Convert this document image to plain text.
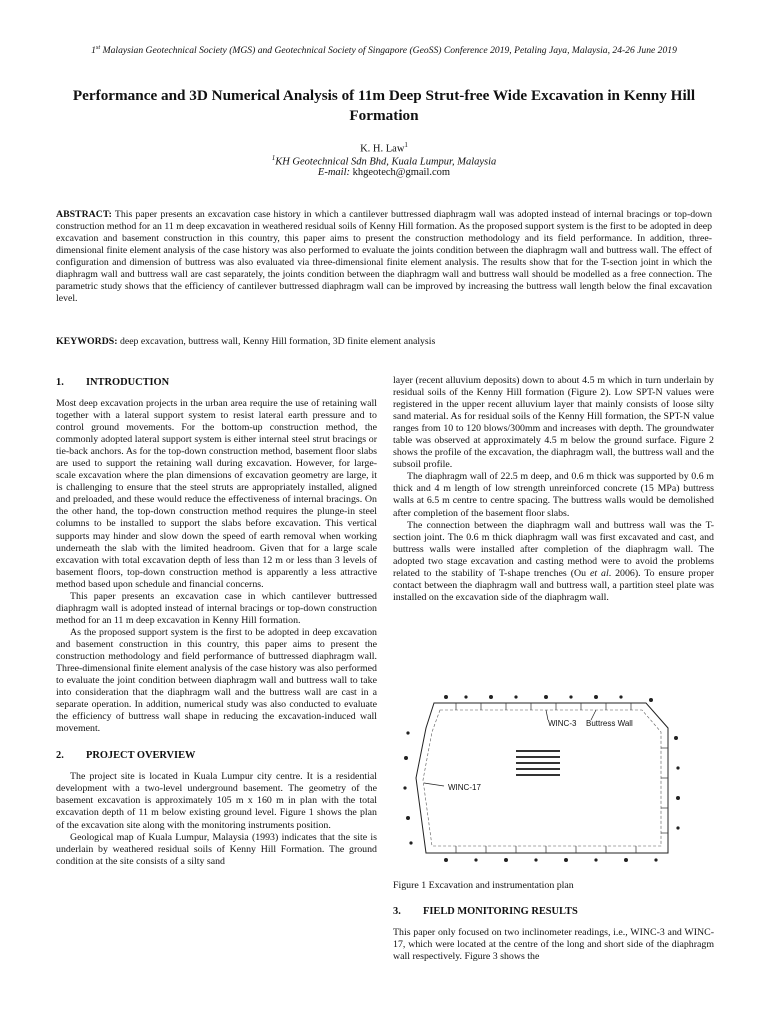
1st Malaysian Geotechnical Society (MGS) and Geotechnical Society of Singapore (GeoSS) Conference 2019, Petaling Jaya, Malaysia, 24-26 June 2019
Performance and 3D Numerical Analysis of 11m Deep Strut-free Wide Excavation in Kenny Hill Formation
K. H. Law$^1$
$^1$KH Geotechnical Sdn Bhd, Kuala Lumpur, Malaysia
E-mail: khgeotech@gmail.com
ABSTRACT: This paper presents an excavation case history in which a cantilever buttressed diaphragm wall was adopted instead of internal bracings or top-down construction method for an 11 m deep excavation in weathered residual soils of Kenny Hill formation. As the proposed support system is the first to be adopted in deep excavation and basement construction in this country, this paper aims to present the construction methodology and its field performance. In addition, three-dimensional finite element analysis of the case history was also performed to evaluate the joints condition between the diaphragm wall and buttress wall. The effect of configuration and dimension of buttress was also evaluated via three-dimensional finite element analysis. The results show that for the T-section joint in which the diaphragm wall and buttress wall are cast separately, the joints condition between the diaphragm wall and buttress wall should be modelled as a free connection. The parametric study shows that the efficiency of cantilever buttressed diaphragm wall can be improved by increasing the buttress wall length below the final excavation level.
KEYWORDS: deep excavation, buttress wall, Kenny Hill formation, 3D finite element analysis
1. INTRODUCTION

Most deep excavation projects in the urban area require the use of retaining wall together with a lateral support system to resist lateral earth pressure and to control ground movements. For the bottom-up construction method, the commonly adopted lateral support system is either internal steel strut bracings or tie-back anchors. As for the top-down construction method, basement floor slabs are used to support the retaining wall during excavation. However, for large-scale excavation where the plan dimensions of excavation geometry are large, it is challenging to ensure that the steel struts are appropriately installed, aligned and preloaded, and these would reduce the effectiveness of internal bracings. On the other hand, the top-down construction method requires the plunge-in steel columns to be installed to support the slabs before excavation. This vertical supports may hinder and slow down the speed of earth removal when working underneath the slab with the limited headroom. Given that for a large scale excavation with total excavation depth of less than 12 m or less than 3 levels of basement floors, top-down construction method is apparently a less attractive method based upon schedule and financial concerns.

This paper presents an excavation case in which cantilever buttressed diaphragm wall is adopted instead of internal bracings or top-down construction method for an 11 m deep excavation in Kenny Hill formation.

As the proposed support system is the first to be adopted in deep excavation and basement construction in this country, this paper aims to present the construction methodology and field performance of buttressed diaphragm wall. Three-dimensional finite element analysis of the case history was also performed to evaluate the joint condition between diaphragm wall and buttress wall to take into consideration that the diaphragm wall and the buttress wall are cast in a separate operation. In addition, numerical study was also conducted to evaluate the efficiency of buttress wall shape in reducing the excavation-induced wall movement.

2. PROJECT OVERVIEW

The project site is located in Kuala Lumpur city centre. It is a residential development with a two-level underground basement. The geometry of the basement excavation is approximately 105 m x 160 m in plan with the total excavation depth of 11 m below existing ground level. Figure 1 shows the plan of the excavation site along with the monitoring instruments position.

Geological map of Kuala Lumpur, Malaysia (1993) indicates that the site is underlain by weathered residual soils of Kenny Hill Formation. The ground condition at the site consists of a silty sand

layer (recent alluvium deposits) down to about 4.5 m which in turn underlain by residual soils of the Kenny Hill formation (Figure 2). Low SPT-N values were registered in the upper recent alluvium layer that mainly consists of loose silty sand material. As for residual soils of the Kenny Hill formation, the SPT-N value ranges from 10 to 120 blows/300mm and increases with depth. The groundwater table was observed at approximately 4.5 m below the ground surface. Figure 2 shows the profile of the excavation, the diaphragm wall, the buttress wall and the subsoil profile.

The diaphragm wall of 22.5 m deep, and 0.6 m thick was supported by 0.6 m thick and 4 m length of low strength unreinforced concrete (15 MPa) buttress walls at 6.5 m centre to centre spacing. The buttress walls would be demolished after completion of the basement floor slabs.

The connection between the diaphragm wall and buttress wall was the T-section joint. The 0.6 m thick diaphragm wall was first excavated and cast, and buttress walls were installed after completion of the diaphragm wall. The adopted two stage excavation and casting method were to avoid the problems related to the stability of T-shape trenches (Ou et al. 2006). To ensure proper contact between the diaphragm wall and buttress wall, a partition steel plate was installed on the excavation side of the diaphragm wall.

WINC-3 Buttress Wall
WINC-17
Figure 1 Excavation and instrumentation plan
3. FIELD MONITORING RESULTS

This paper only focused on two inclinometer readings, i.e., WINC-3 and WINC-17, which were located at the centre of the long and short side of the diaphragm wall respectively. Figure 3 shows the
